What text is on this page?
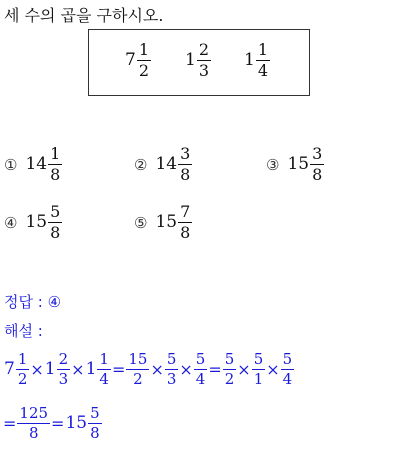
세 수의 곱을 구하시오.
$7 \frac{1}{2} 1 \frac{2}{3} 1 \frac{1}{4}$
① $14 \frac{1}{8}$	② $14 \frac{3}{8}$	③ $15 \frac{3}{8}$
④ $15 \frac{5}{8}$	⑤ $15 \frac{7}{8}$
정답 : ④
해설 :
$7 \frac{1}{2} \times 1 \frac{2}{3} \times 1 \frac{1}{4} = \frac{15}{2} \times \frac{5}{3} \times \frac{5}{4} = \frac{5}{2} \times \frac{5}{1} \times \frac{5}{4}$
= $\frac{125}{8} = 15 \frac{5}{8}$
